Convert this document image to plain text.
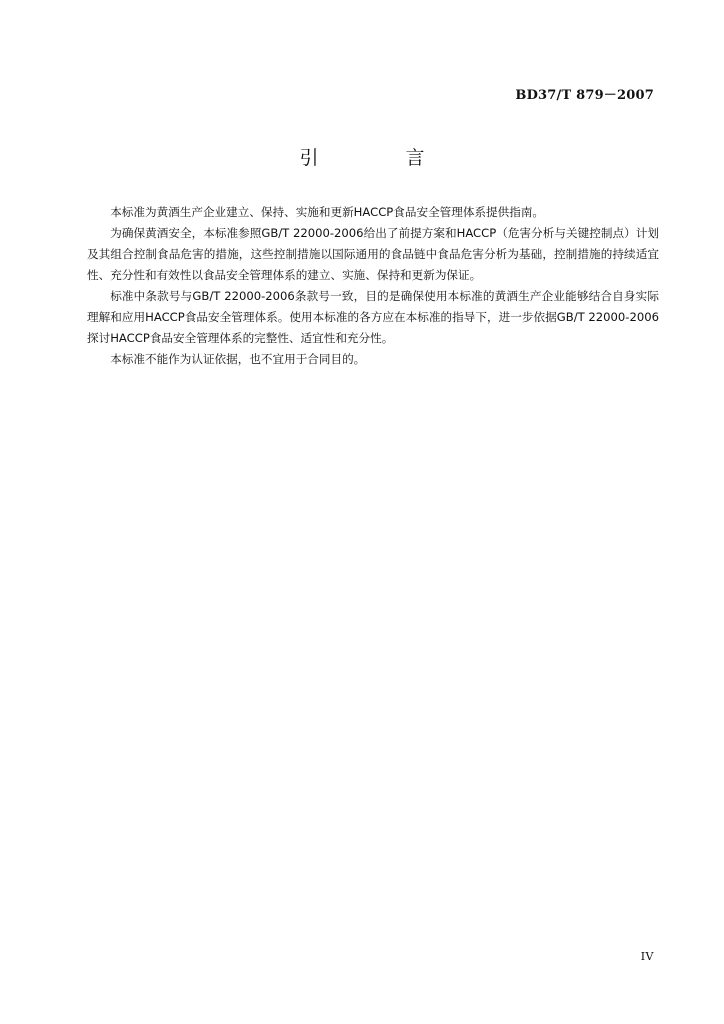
BD37/T 879－2007
引　言

本标准为黄酒生产企业建立、保持、实施和更新HACCP食品安全管理体系提供指南。

为确保黄酒安全，本标准参照GB/T 22000-2006给出了前提方案和HACCP（危害分析与关键控制点）计划及其组合控制食品危害的措施，这些控制措施以国际通用的食品链中食品危害分析为基础，控制措施的持续适宜性、充分性和有效性以食品安全管理体系的建立、实施、保持和更新为保证。

标准中条款号与GB/T 22000-2006条款号一致，目的是确保使用本标准的黄酒生产企业能够结合自身实际理解和应用HACCP食品安全管理体系。使用本标准的各方应在本标准的指导下，进一步依据GB/T 22000-2006探讨HACCP食品安全管理体系的完整性、适宜性和充分性。

本标准不能作为认证依据，也不宜用于合同目的。

IV
